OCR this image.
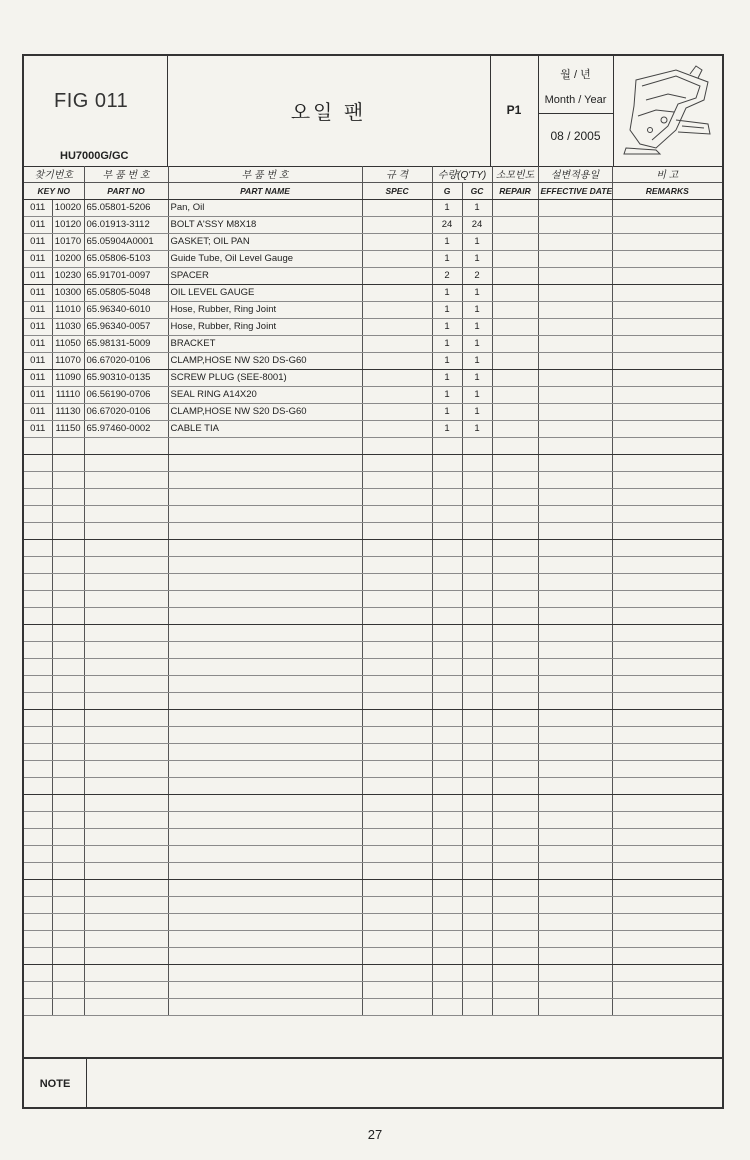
FIG 011
HU7000G/GC
오일 팬	P1
월 / 년
Month / Year
08 / 2005
찾기번호		부 품 번 호	부 품 번 호	규 격	수량(Q'TY)		소모빈도	설변적용일	비 고
KEY NO		PART NO	PART NAME	SPEC	G	GC	REPAIR	EFFECTIVE DATE	REMARKS
011	10020	65.05801-5206	Pan, Oil		1	1			
011	10120	06.01913-3112	BOLT A'SSY M8X18		24	24			
011	10170	65.05904A0001	GASKET; OIL PAN		1	1			
011	10200	65.05806-5103	Guide Tube, Oil Level Gauge		1	1			
011	10230	65.91701-0097	SPACER		2	2			
011	10300	65.05805-5048	OIL LEVEL GAUGE		1	1			
011	11010	65.96340-6010	Hose, Rubber, Ring Joint		1	1			
011	11030	65.96340-0057	Hose, Rubber, Ring Joint		1	1			
011	11050	65.98131-5009	BRACKET		1	1			
011	11070	06.67020-0106	CLAMP,HOSE NW S20 DS-G60		1	1			
011	11090	65.90310-0135	SCREW PLUG (SEE-8001)		1	1			
011	11110	06.56190-0706	SEAL RING A14X20		1	1			
011	11130	06.67020-0106	CLAMP,HOSE NW S20 DS-G60		1	1			
011	11150	65.97460-0002	CABLE TIA		1	1			

NOTE
27
